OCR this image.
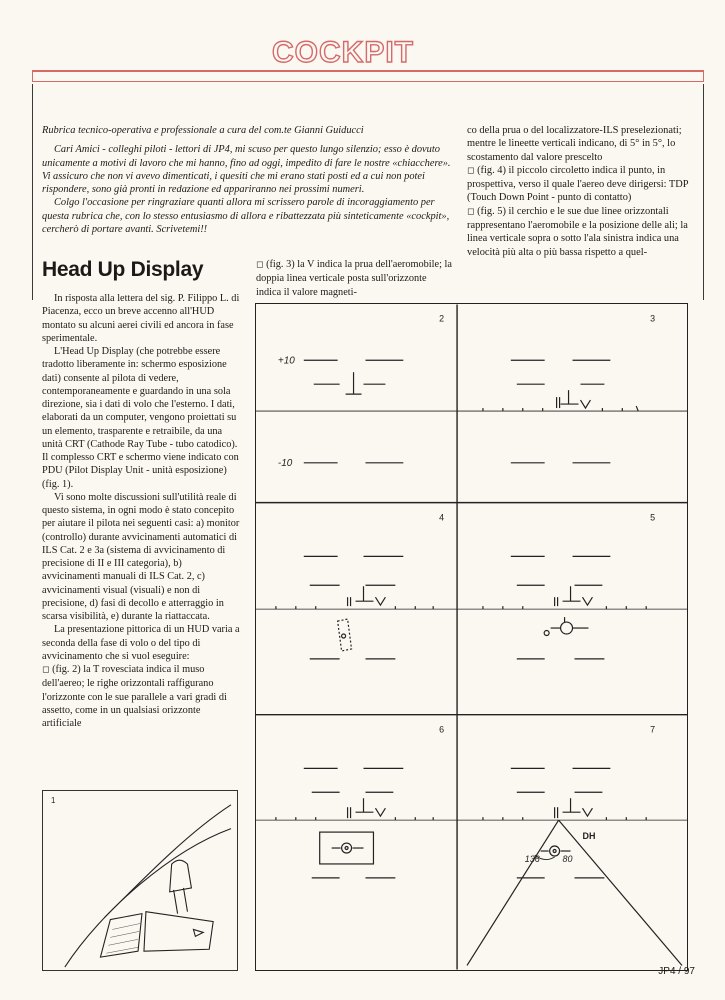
COCKPIT

Rubrica tecnico-operativa e professionale a cura del com.te Gianni Guiducci

Cari Amici - colleghi piloti - lettori di JP4, mi scuso per questo lungo silenzio; esso è dovuto unicamente a motivi di lavoro che mi hanno, fino ad oggi, impedito di fare le nostre «chiacchere». Vi assicuro che non vi avevo dimenticati, i quesiti che mi erano stati posti ed a cui non potei rispondere, sono già pronti in redazione ed appariranno nei prossimi numeri.

Colgo l'occasione per ringraziare quanti allora mi scrissero parole di incoraggiamento per questa rubrica che, con lo stesso entusiasmo di allora e ribattezzata più sinteticamente «cockpit», cercherò di portare avanti. Scrivetemi!!

co della prua o del localizzatore-ILS preselezionati; mentre le lineette verticali indicano, di 5° in 5°, lo scostamento dal valore prescelto

◻ (fig. 4) il piccolo circoletto indica il punto, in prospettiva, verso il quale l'aereo deve dirigersi: TDP (Touch Down Point - punto di contatto)

◻ (fig. 5) il cerchio e le sue due linee orizzontali rappresentano l'aeromobile e la posizione delle ali; la linea verticale sopra o sotto l'ala sinistra indica una velocità più alta o più bassa rispetto a quel-

Head Up Display

In risposta alla lettera del sig. P. Filippo L. di Piacenza, ecco un breve accenno all'HUD montato su alcuni aerei civili ed ancora in fase sperimentale.

L'Head Up Display (che potrebbe essere tradotto liberamente in: schermo esposizione dati) consente al pilota di vedere, contemporaneamente e guardando in una sola direzione, sia i dati di volo che l'esterno. I dati, elaborati da un computer, vengono proiettati su un elemento, trasparente e retraibile, da una unità CRT (Cathode Ray Tube - tubo catodico). Il complesso CRT e schermo viene indicato con PDU (Pilot Display Unit - unità esposizione) (fig. 1).

Vi sono molte discussioni sull'utilità reale di questo sistema, in ogni modo è stato concepito per aiutare il pilota nei seguenti casi: a) monitor (controllo) durante avvicinamenti automatici di ILS Cat. 2 e 3a (sistema di avvicinamento di precisione di II e III categoria), b) avvicinamenti manuali di ILS Cat. 2, c) avvicinamenti visual (visuali) e non di precisione, d) fasi di decollo e atterraggio in scarsa visibilità, e) durante la riattaccata.

La presentazione pittorica di un HUD varia a seconda della fase di volo o del tipo di avvicinamento che si vuol eseguire:

◻ (fig. 2) la T rovesciata indica il muso dell'aereo; le righe orizzontali raffigurano l'orizzonte con le sue parallele a vari gradi di assetto, come in un qualsiasi orizzonte artificiale

◻ (fig. 3) la V indica la prua dell'aeromobile; la doppia linea verticale posta sull'orizzonte indica il valore magneti-

2	3
4	5
6	7
+10
-10
DH
136	80
1
JP4 / 97
